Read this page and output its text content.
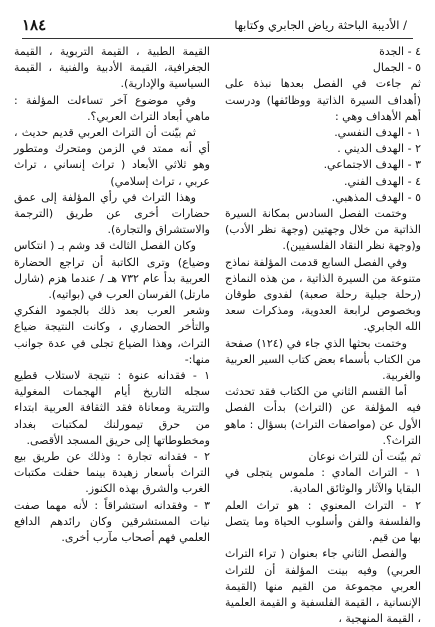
/ الأديبة الباحثة رياض الجابري وكتابها
١٨٤

٤ - الجدة

٥ - الجمال

ثم جاءت في الفصل بعدها نبذة على (أهداف السيرة الذاتية ووظائفها) ودرست أهم الأهداف وهي :

١ - الهدف النفسي.

٢ - الهدف الديني .

٣ - الهدف الاجتماعي.

٤ - الهدف الفني.

٥ - الهدف المذهبي.

وختمت الفصل السادس بمكانة السيرة الذاتية من خلال وجهتين (وجهة نظر الأدب) و(وجهة نظر النقاد الفلسفيين).

وفي الفصل السابع قدمت المؤلفة نماذج متنوعة من السيرة الذاتية ، من هذه النماذج (رحلة جبلية رحلة صعبة) لفدوى طوقان وبخصوص لرابعة العدوية، ومذكرات سعد الله الجابري.

وختمت بحثها الذي جاء في (١٢٤) صفحة من الكتاب بأسماء بعض كتاب السير العربية والغربية.

أما القسم الثاني من الكتاب فقد تحدثت فيه المؤلفة عن (التراث) بدأت الفصل الأول عن (مواصفات التراث) بسؤال : ماهو التراث؟.

ثم بيّنت أن للتراث نوعان

١ - التراث المادي : ملموس يتجلى في البقايا والآثار والوثائق المادية.

٢ - التراث المعنوي : هو تراث العلم والفلسفة والفن وأسلوب الحياة وما يتصل بها من قيم.

والفصل الثاني جاء بعنوان ( تراء التراث العربي) وفيه بينت المؤلفة أن للتراث العربي مجموعة من القيم منها (القيمة الإنسانية ، القيمة الفلسفية و القيمة العلمية ، القيمة المنهجية ،

القيمة الطبية ، القيمة التربوية ، القيمة الجغرافية، القيمة الأدبية والفنية ، القيمة السياسية والإدارية).

وفي موضوع آخر تساءلت المؤلفة : ماهي أبعاد التراث العربي؟.

ثم بيّنت أن التراث العربي قديم حديث ، أي أنه ممتد في الزمن ومتحرك ومتطور وهو ثلاثي الأبعاد ( تراث إنساني ، تراث عربي ، تراث إسلامي)

وهذا التراث في رأي المؤلفة إلى عمق حضارات أخرى عن طريق (الترجمة والاستشراق والتجارة).

وكان الفصل الثالث قد وشم بـ ( انتكاس وضياع) وترى الكاتبة أن تراجع الحضارة العربية بدأ عام ٧٣٢ هـ / عندما هزم (شارل مارتل) الفرسان العرب في (بواتيه).

وشعر العرب بعد ذلك بالجمود الفكري والتأخر الحضاري ، وكانت النتيجة ضياع التراث، وهذا الضياع تجلى في عدة جوانب منها:-

١ - فقدانه عنوة : نتيجة لاستلاب قطيع سجله التاريخ أيام الهجمات المغولية والتترية ومعاناة فقد الثقافة العربية ابتداء من حرق تيمورلنك لمكتبات بغداد ومخطوطاتها إلى حريق المسجد الأقصى.

٢ - فقدانه تجارة : وذلك عن طريق بيع التراث بأسعار زهيدة بينما حفلت مكتبات الغرب والشرق بهذه الكنوز.

٣ - وفقدانه استشراقاً : لأنه مهما صفت نيات المستشرقين وكان رائدهم الدافع العلمي فهم أصحاب مآرب أخرى.
